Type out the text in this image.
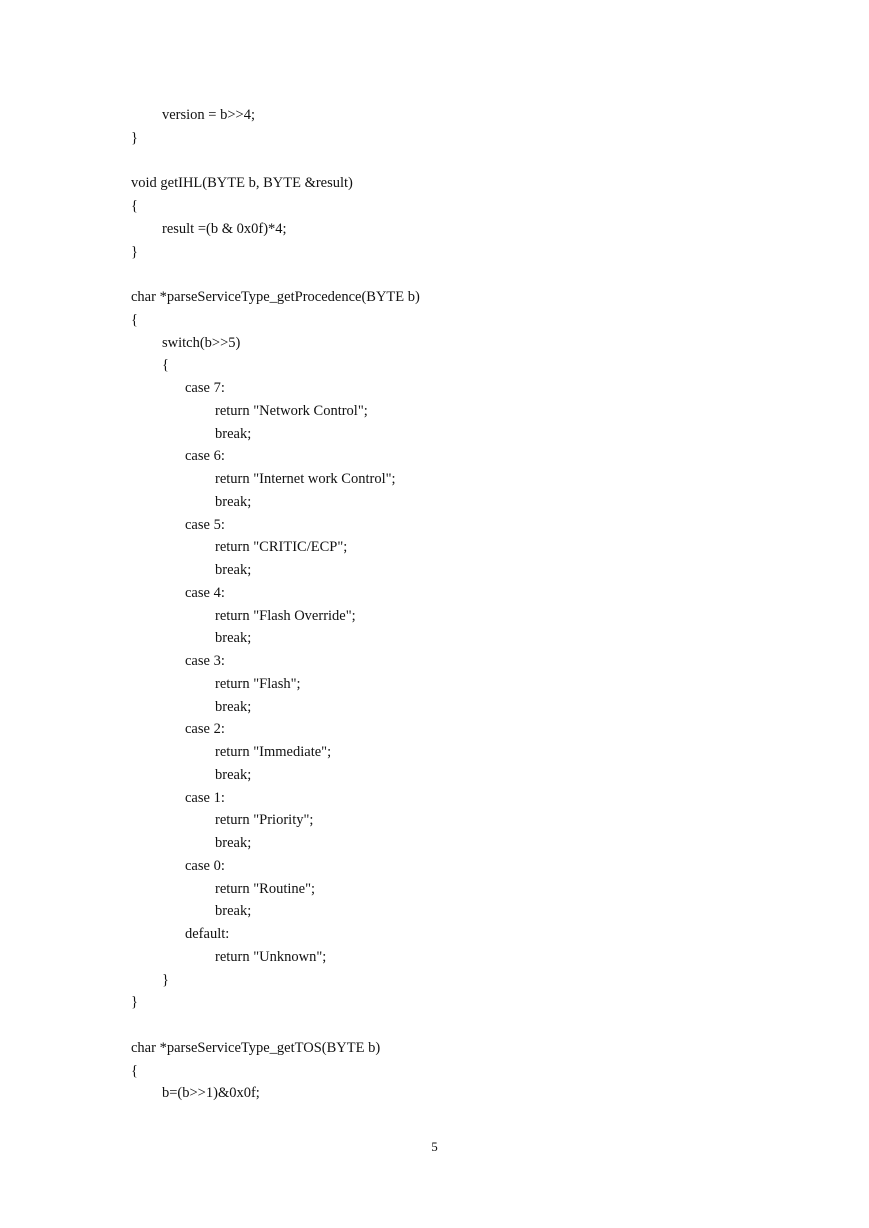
version = b>>4;
}
void getIHL(BYTE b, BYTE &result)
{
result =(b & 0x0f)*4;
}
char *parseServiceType_getProcedence(BYTE b)
{
switch(b>>5)
{
case 7:
return "Network Control";
break;
case 6:
return "Internet work Control";
break;
case 5:
return "CRITIC/ECP";
break;
case 4:
return "Flash Override";
break;
case 3:
return "Flash";
break;
case 2:
return "Immediate";
break;
case 1:
return "Priority";
break;
case 0:
return "Routine";
break;
default:
return "Unknown";
}
}
char *parseServiceType_getTOS(BYTE b)
{
b=(b>>1)&0x0f;
5
